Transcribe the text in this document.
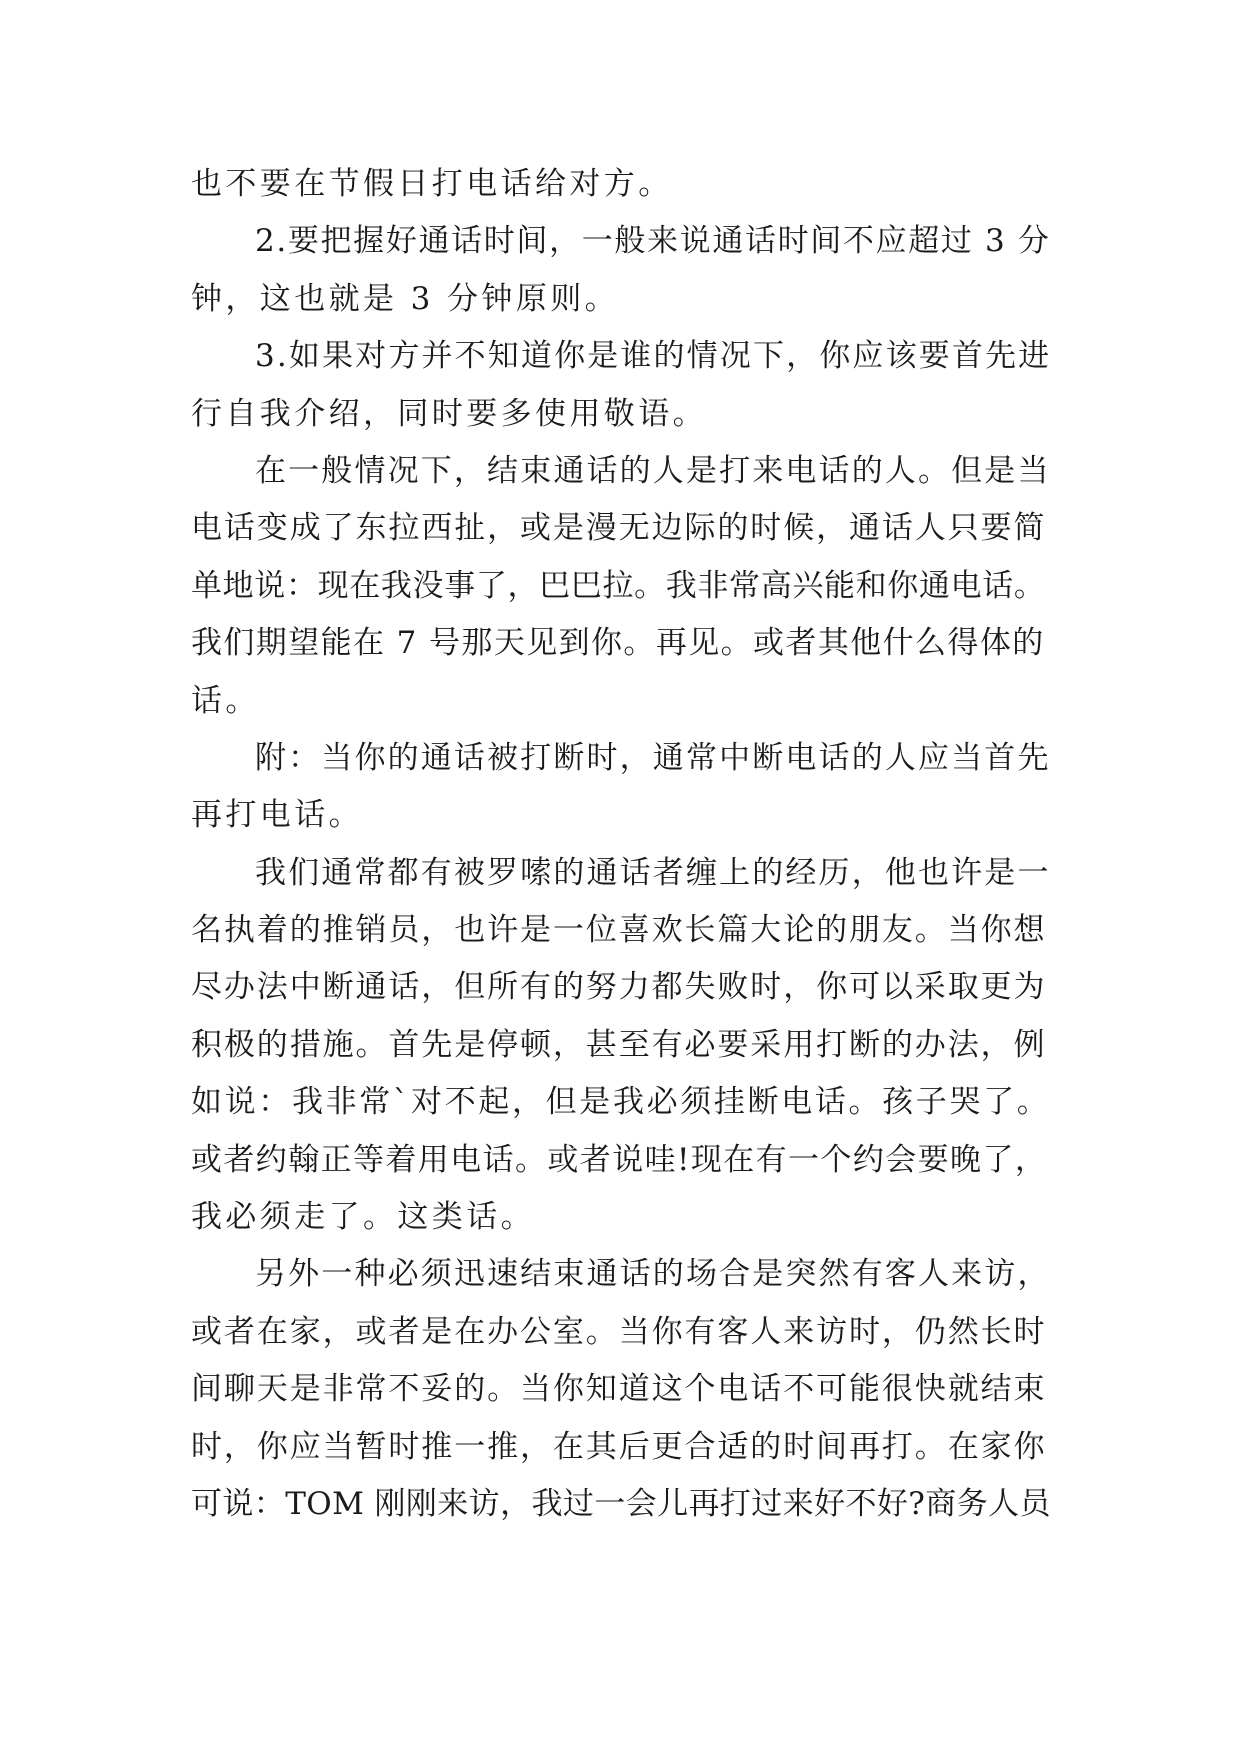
也不要在节假日打电话给对方。
2.要把握好通话时间，一般来说通话时间不应超过 3 分
钟，这也就是 3 分钟原则。
3.如果对方并不知道你是谁的情况下，你应该要首先进
行自我介绍，同时要多使用敬语。
在一般情况下，结束通话的人是打来电话的人。但是当
电话变成了东拉西扯，或是漫无边际的时候，通话人只要简
单地说：现在我没事了，巴巴拉。我非常高兴能和你通电话。
我们期望能在 7 号那天见到你。再见。或者其他什么得体的
话。
附：当你的通话被打断时，通常中断电话的人应当首先
再打电话。
我们通常都有被罗嗦的通话者缠上的经历，他也许是一
名执着的推销员，也许是一位喜欢长篇大论的朋友。当你想
尽办法中断通话，但所有的努力都失败时，你可以采取更为
积极的措施。首先是停顿，甚至有必要采用打断的办法，例
如说：我非常`对不起，但是我必须挂断电话。孩子哭了。
或者约翰正等着用电话。或者说哇!现在有一个约会要晚了，
我必须走了。这类话。
另外一种必须迅速结束通话的场合是突然有客人来访，
或者在家，或者是在办公室。当你有客人来访时，仍然长时
间聊天是非常不妥的。当你知道这个电话不可能很快就结束
时，你应当暂时推一推，在其后更合适的时间再打。在家你
可说：TOM 刚刚来访，我过一会儿再打过来好不好?商务人员
